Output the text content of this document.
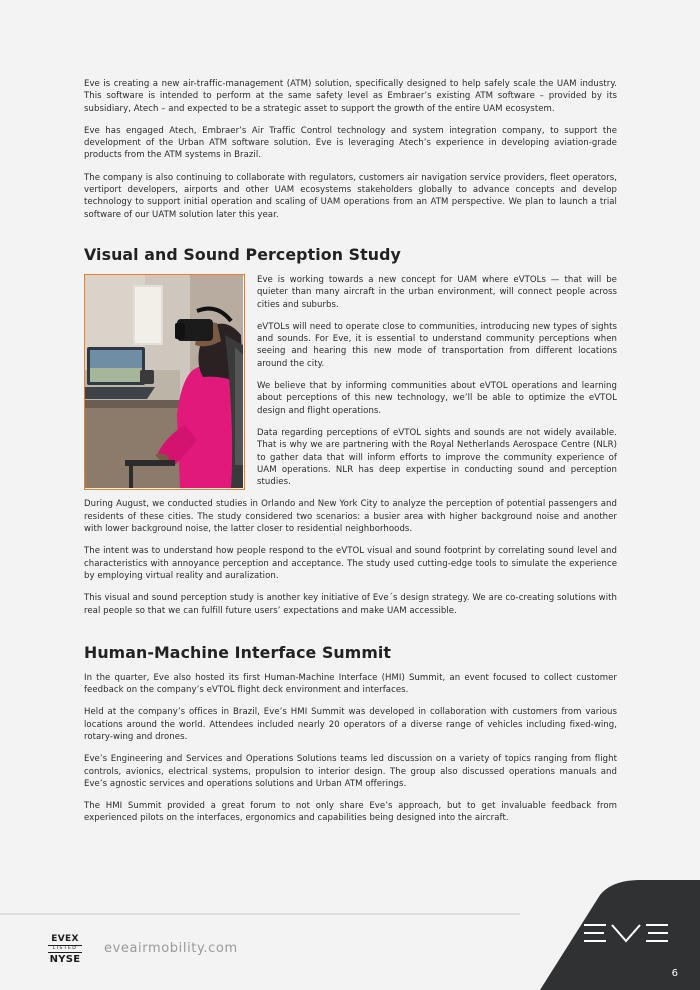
Eve is creating a new air-traffic-management (ATM) solution, specifically designed to help safely scale the UAM industry. This software is intended to perform at the same safety level as Embraer’s existing ATM software – provided by its subsidiary, Atech – and expected to be a strategic asset to support the growth of the entire UAM ecosystem.

Eve has engaged Atech, Embraer’s Air Traffic Control technology and system integration company, to support the development of the Urban ATM software solution. Eve is leveraging Atech’s experience in developing aviation-grade products from the ATM systems in Brazil.

The company is also continuing to collaborate with regulators, customers air navigation service providers, fleet operators, vertiport developers, airports and other UAM ecosystems stakeholders globally to advance concepts and develop technology to support initial operation and scaling of UAM operations from an ATM perspective. We plan to launch a trial software of our UATM solution later this year.

Visual and Sound Perception Study

Eve is working towards a new concept for UAM where eVTOLs — that will be quieter than many aircraft in the urban environment, will connect people across cities and suburbs.

eVTOLs will need to operate close to communities, introducing new types of sights and sounds. For Eve, it is essential to understand community perceptions when seeing and hearing this new mode of transportation from different locations around the city.

We believe that by informing communities about eVTOL operations and learning about perceptions of this new technology, we’ll be able to optimize the eVTOL design and flight operations.

Data regarding perceptions of eVTOL sights and sounds are not widely available. That is why we are partnering with the Royal Netherlands Aerospace Centre (NLR) to gather data that will inform efforts to improve the community experience of UAM operations. NLR has deep expertise in conducting sound and perception studies.

During August, we conducted studies in Orlando and New York City to analyze the perception of potential passengers and residents of these cities. The study considered two scenarios: a busier area with higher background noise and another with lower background noise, the latter closer to residential neighborhoods.

The intent was to understand how people respond to the eVTOL visual and sound footprint by correlating sound level and characteristics with annoyance perception and acceptance. The study used cutting-edge tools to simulate the experience by employing virtual reality and auralization.

This visual and sound perception study is another key initiative of Eve´s design strategy. We are co-creating solutions with real people so that we can fulfill future users’ expectations and make UAM accessible.

Human-Machine Interface Summit

In the quarter, Eve also hosted its first Human-Machine Interface (HMI) Summit, an event focused to collect customer feedback on the company’s eVTOL flight deck environment and interfaces.

Held at the company’s offices in Brazil, Eve’s HMI Summit was developed in collaboration with customers from various locations around the world. Attendees included nearly 20 operators of a diverse range of vehicles including fixed-wing, rotary-wing and drones.

Eve’s Engineering and Services and Operations Solutions teams led discussion on a variety of topics ranging from flight controls, avionics, electrical systems, propulsion to interior design. The group also discussed operations manuals and Eve’s agnostic services and operations solutions and Urban ATM offerings.

The HMI Summit provided a great forum to not only share Eve’s approach, but to get invaluable feedback from experienced pilots on the interfaces, ergonomics and capabilities being designed into the aircraft.

EVEX
LISTED
NYSE
eveairmobility.com
6
